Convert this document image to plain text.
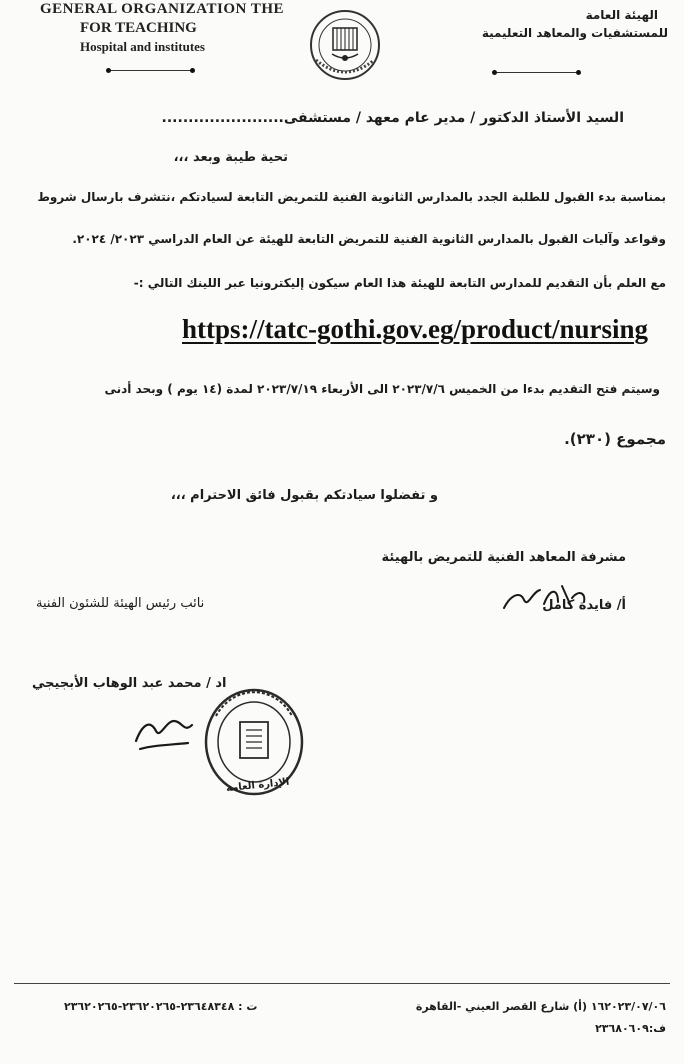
GENERAL ORGANIZATION THE
FOR TEACHING
Hospital and institutes
الهيئة العامة
للمستشفيات والمعاهد التعليمية
السيد الأستاذ الدكتور / مدير عام معهد / مستشفى.......................
تحية طيبة وبعد ،،،
بمناسبة بدء القبول للطلبة الجدد بالمدارس الثانوية الفنية للتمريض التابعة لسيادتكم ،نتشرف بارسال شروط
وقواعد وآليات القبول بالمدارس الثانوية الفنية للتمريض التابعة للهيئة عن العام الدراسي ٢٠٢٣/ ٢٠٢٤.
مع العلم بأن التقديم للمدارس التابعة للهيئة هذا العام سيكون إليكترونيا عبر اللينك التالي :-
https://tatc-gothi.gov.eg/product/nursing
وسيتم فتح التقديم بدءا من الخميس ٢٠٢٣/٧/٦ الى الأربعاء ٢٠٢٣/٧/١٩ لمدة (١٤ يوم ) وبحد أدنى
مجموع (٢٣٠).
و تفضلوا سيادتكم بقبول فائق الاحترام ،،،
مشرفة المعاهد الفنية للتمريض بالهيئة
أ/ فايدة كامل
نائب رئيس الهيئة للشئون الفنية
اد / محمد عبد الوهاب الأبجيجي
الإدارة العامة
١٦٢٠٢٣/٠٧/٠٦ (أ) شارع القصر العيني -القاهرة
ت : ٢٣٦٤٨٣٤٨-٢٣٦٢٠٢٦٥-٢٣٦٢٠٢٦٥
ف:٢٣٦٨٠٦٠٩
